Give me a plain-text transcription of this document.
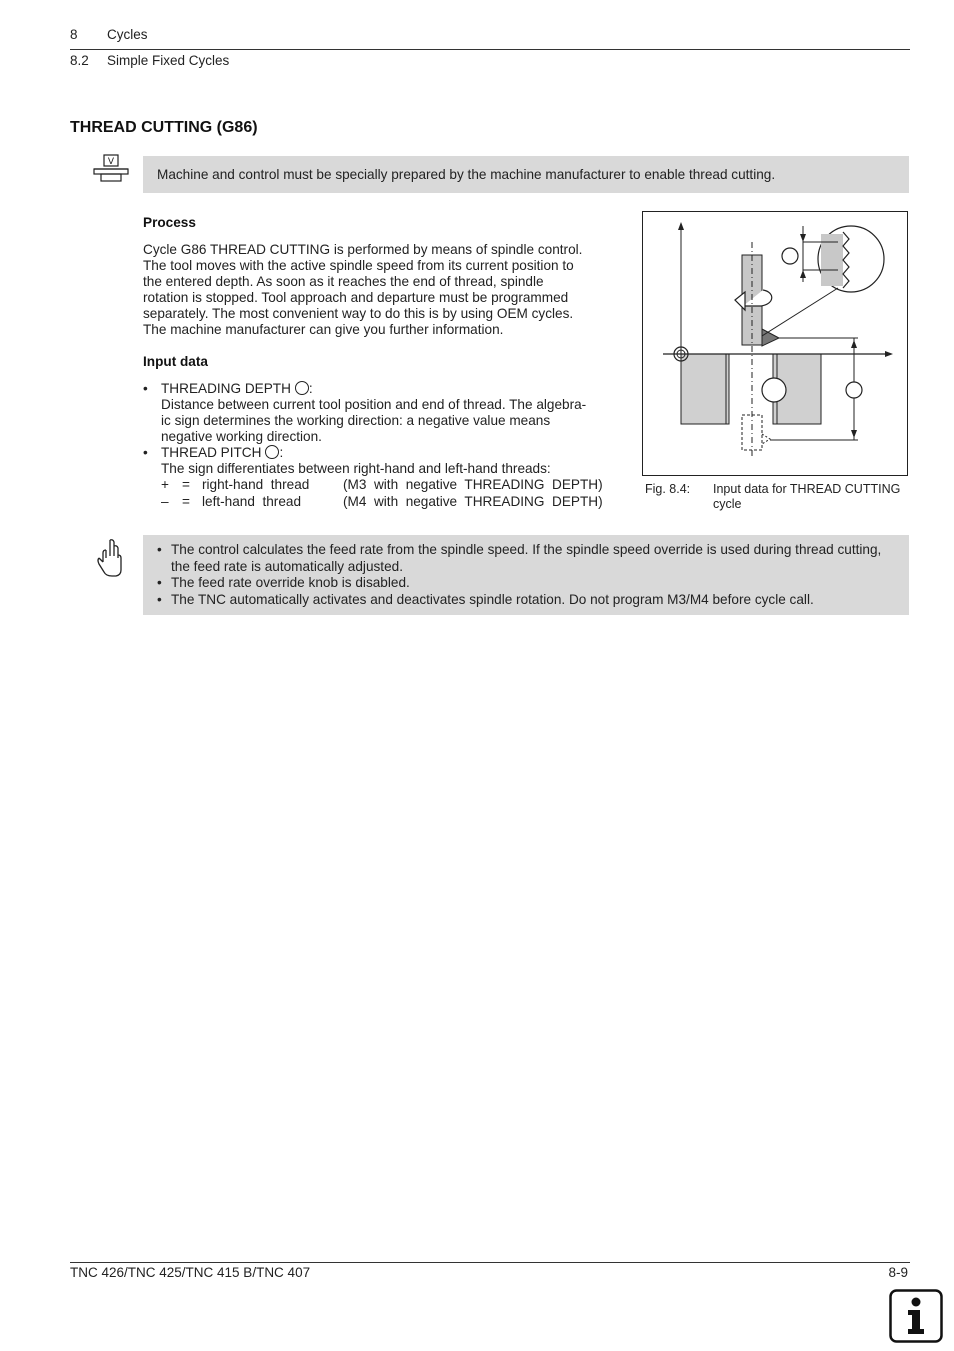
8 Cycles
8.2 Simple Fixed Cycles
THREAD CUTTING (G86)
V
Machine and control must be specially prepared by the machine manufacturer to enable thread cutting.
Process
Cycle G86 THREAD CUTTING is performed by means of spindle control.
The tool moves with the active spindle speed from its current position to
the entered depth. As soon as it reaches the end of thread, spindle
rotation is stopped. Tool approach and departure must be programmed
separately. The most convenient way to do this is by using OEM cycles.
The machine manufacturer can give you further information.
Input data
• THREADING DEPTH :
Distance between current tool position and end of thread. The algebra-
ic sign determines the working direction: a negative value means
negative working direction.
• THREAD PITCH :
The sign differentiates between right-hand and left-hand threads:
+ = right-hand  thread (M3  with  negative  THREADING  DEPTH)
– = left-hand  thread	(M4  with  negative  THREADING  DEPTH)
Fig. 8.4: Input data for THREAD CUTTING
cycle
• The control calculates the feed rate from the spindle speed. If the spindle speed override is used during thread cutting, the feed rate is automatically adjusted.
• The feed rate override knob is disabled.
• The TNC automatically activates and deactivates spindle rotation. Do not program M3/M4 before cycle call.
TNC 426/TNC 425/TNC 415 B/TNC 407	8-9
